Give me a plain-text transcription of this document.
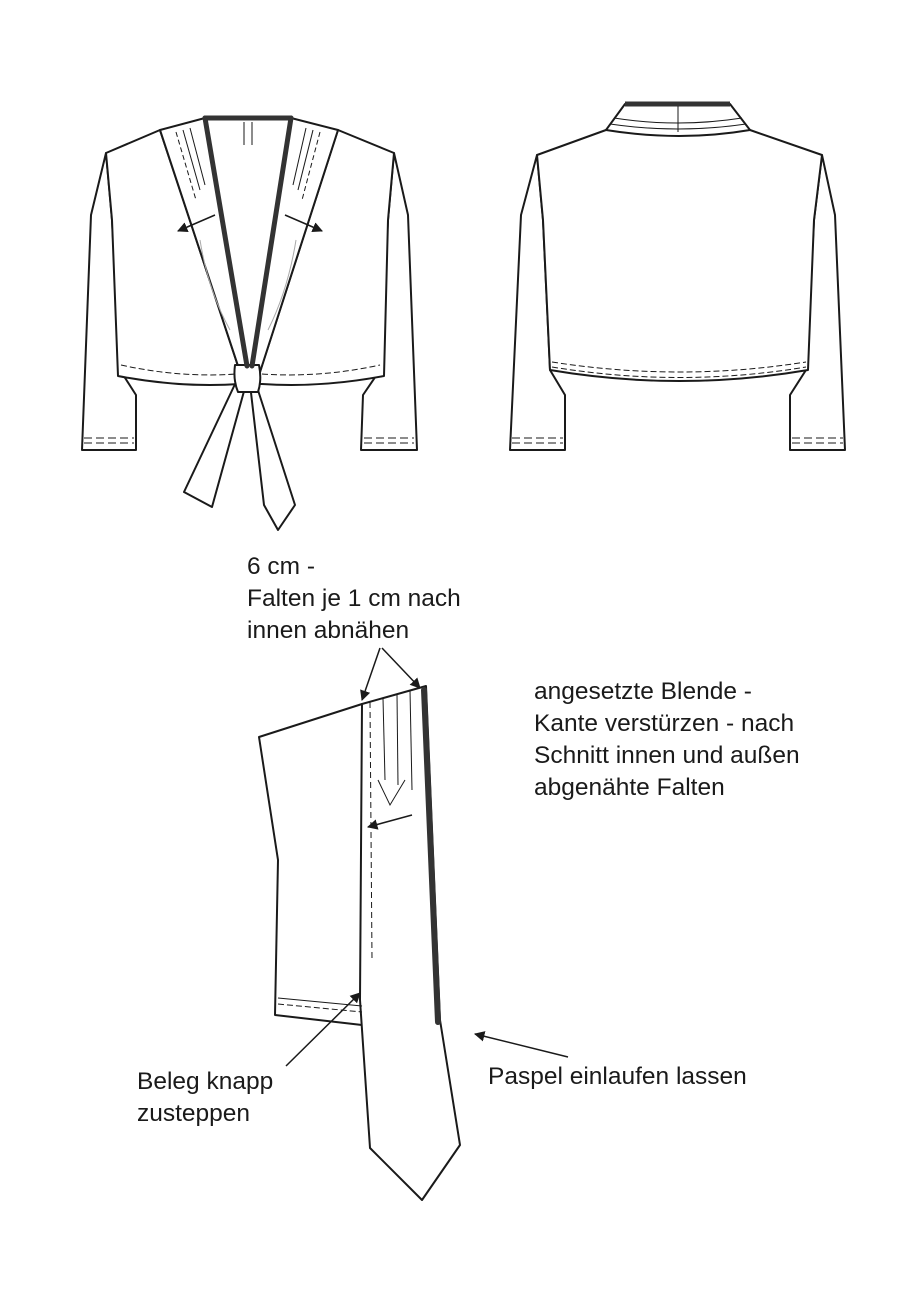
6 cm -
Falten je 1 cm nach
innen abnähen
angesetzte Blende -
Kante verstürzen - nach
Schnitt innen und außen
abgenähte Falten
Beleg knapp
zusteppen
Paspel einlaufen lassen
